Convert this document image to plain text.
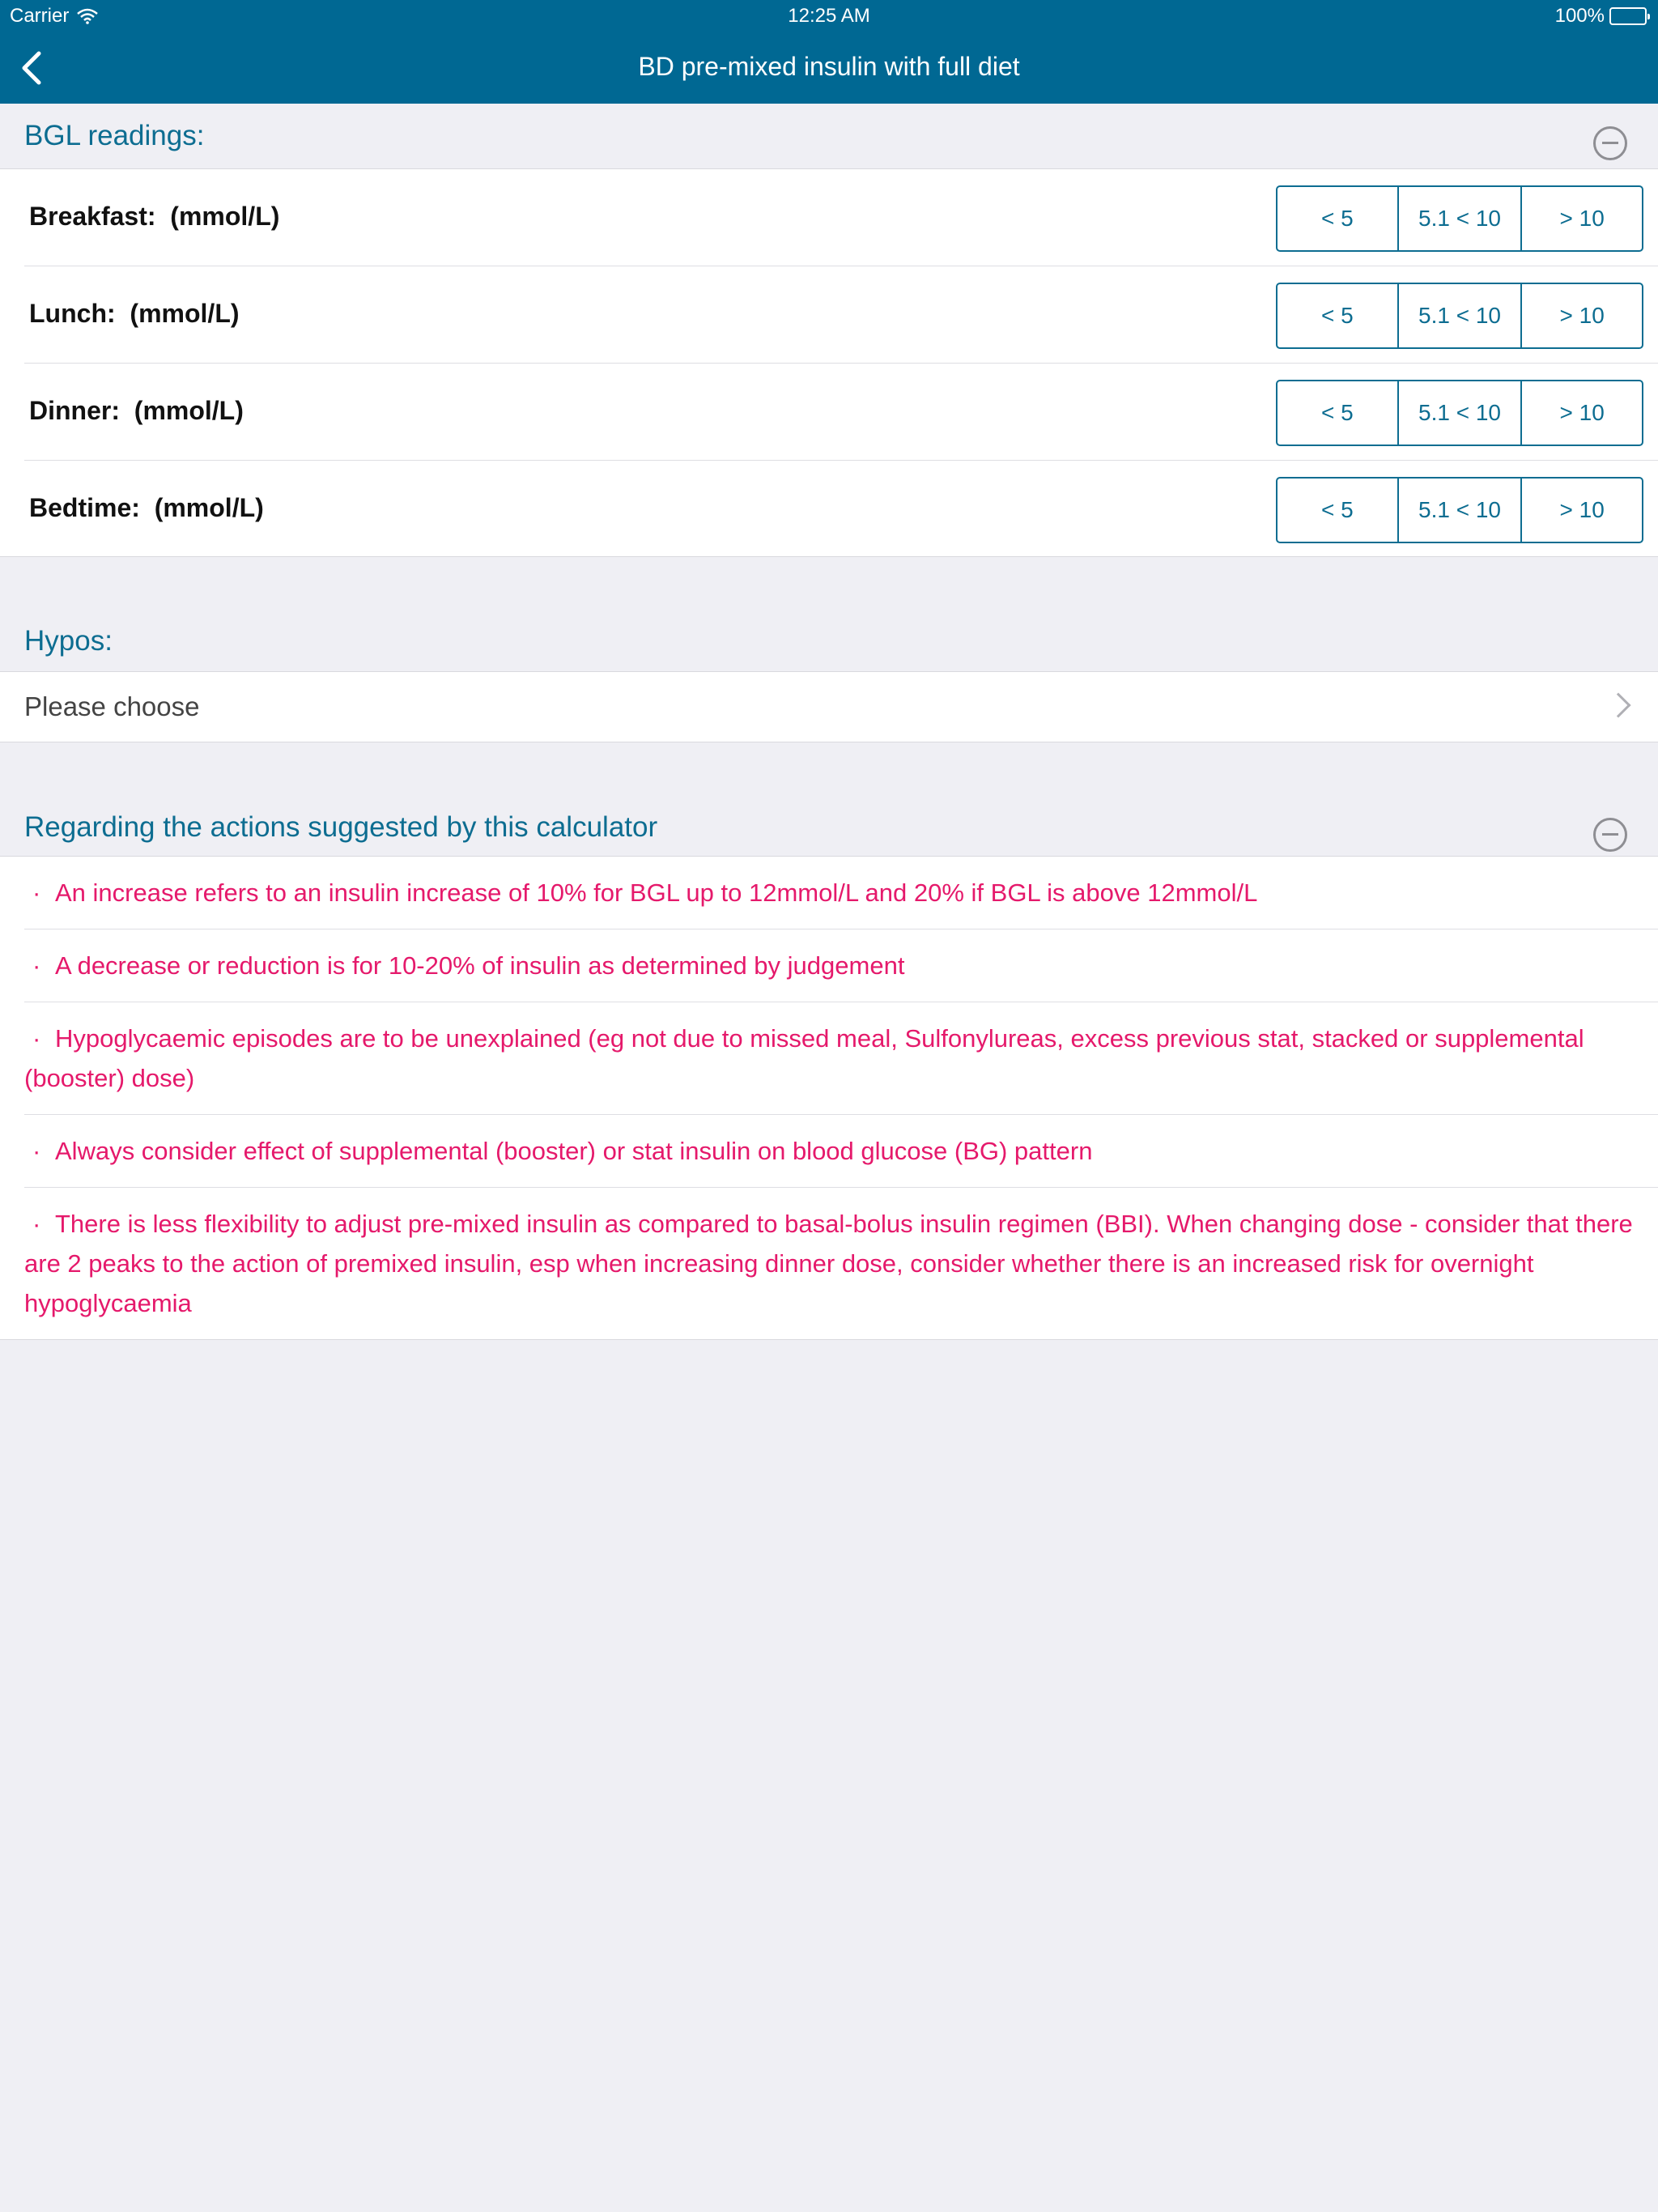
Carrier	12:25 AM	100%
BD pre-mixed insulin with full diet
BGL readings:
Breakfast: (mmol/L)	< 5	5.1 < 10	> 10
Lunch: (mmol/L)	< 5	5.1 < 10	> 10
Dinner: (mmol/L)	< 5	5.1 < 10	> 10
Bedtime: (mmol/L)	< 5	5.1 < 10	> 10
Hypos:
Please choose
Regarding the actions suggested by this calculator
· An increase refers to an insulin increase of 10% for BGL up to 12mmol/L and 20% if BGL is above 12mmol/L
· A decrease or reduction is for 10-20% of insulin as determined by judgement
· Hypoglycaemic episodes are to be unexplained (eg not due to missed meal, Sulfonylureas, excess previous stat, stacked or supplemental (booster) dose)
· Always consider effect of supplemental (booster) or stat insulin on blood glucose (BG) pattern
· There is less flexibility to adjust pre-mixed insulin as compared to basal-bolus insulin regimen (BBI). When changing dose - consider that there are 2 peaks to the action of premixed insulin, esp when increasing dinner dose, consider whether there is an increased risk for overnight hypoglycaemia
